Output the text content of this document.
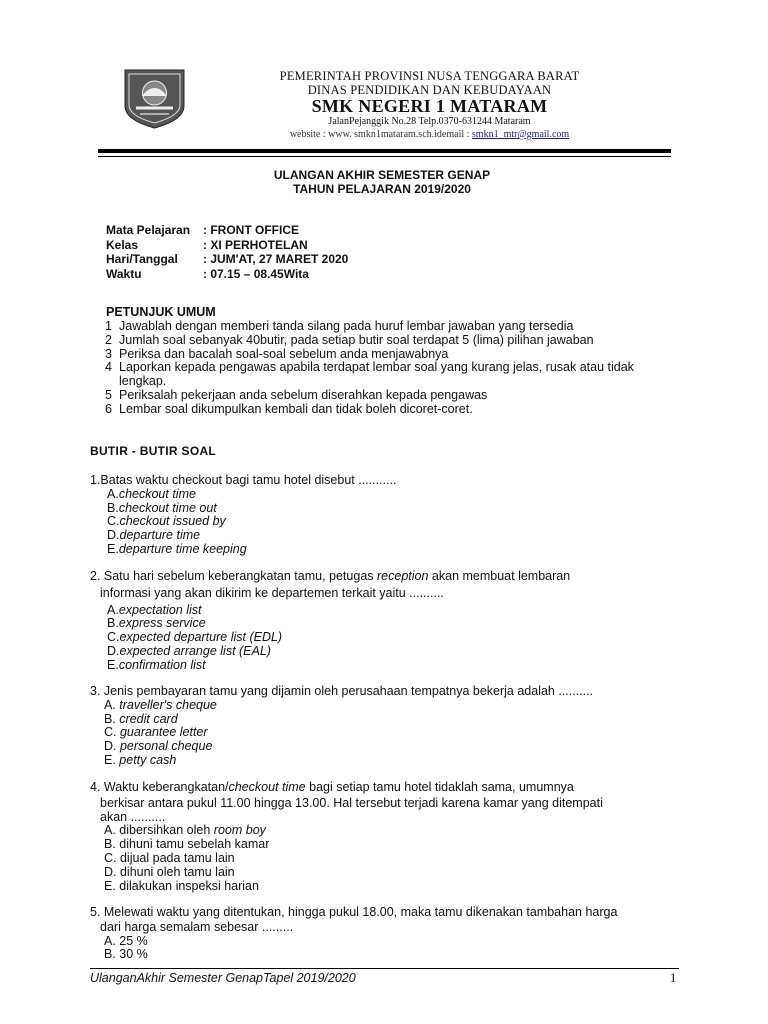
PEMERINTAH PROVINSI NUSA TENGGARA BARAT
DINAS PENDIDIKAN DAN KEBUDAYAAN
SMK NEGERI 1 MATARAM
JalanPejanggik No.28 Telp.0370-631244 Mataram
website : www. smkn1mataram.sch.idemail : smkn1_mtr@gmail.com
ULANGAN AKHIR SEMESTER GENAP
TAHUN PELAJARAN 2019/2020
Mata Pelajaran	: FRONT OFFICE
Kelas	: XI PERHOTELAN
Hari/Tanggal	: JUM'AT, 27 MARET 2020
Waktu	: 07.15 – 08.45Wita
PETUNJUK UMUM
1 Jawablah dengan memberi tanda silang pada huruf lembar jawaban yang tersedia
2 Jumlah soal sebanyak 40butir, pada setiap butir soal terdapat 5 (lima) pilihan jawaban
3 Periksa dan bacalah soal-soal sebelum anda menjawabnya
4 Laporkan kepada pengawas apabila terdapat lembar soal yang kurang jelas, rusak atau tidak lengkap.
5 Periksalah pekerjaan anda sebelum diserahkan kepada pengawas
6 Lembar soal dikumpulkan kembali dan tidak boleh dicoret-coret.
BUTIR - BUTIR SOAL
1.Batas waktu checkout bagi tamu hotel disebut ...........
A.checkout time
B.checkout time out
C.checkout issued by
D.departure time
E.departure time keeping
2. Satu hari sebelum keberangkatan tamu, petugas reception akan membuat lembaran
informasi yang akan dikirim ke departemen terkait yaitu ..........
A.expectation list
B.express service
C.expected departure list (EDL)
D.expected arrange list (EAL)
E.confirmation list
3. Jenis pembayaran tamu yang dijamin oleh perusahaan tempatnya bekerja adalah ..........
A. traveller's cheque
B. credit card
C. guarantee letter
D. personal cheque
E. petty cash
4. Waktu keberangkatan/checkout time bagi setiap tamu hotel tidaklah sama, umumnya
berkisar antara pukul 11.00 hingga 13.00. Hal tersebut terjadi karena kamar yang ditempati
akan ..........
A. dibersihkan oleh room boy
B. dihuni tamu sebelah kamar
C. dijual pada tamu lain
D. dihuni oleh tamu lain
E. dilakukan inspeksi harian
5. Melewati waktu yang ditentukan, hingga pukul 18.00, maka tamu dikenakan tambahan harga
dari harga semalam sebesar .........
A. 25 %
B. 30 %
UlanganAkhir Semester GenapTapel 2019/2020	1
